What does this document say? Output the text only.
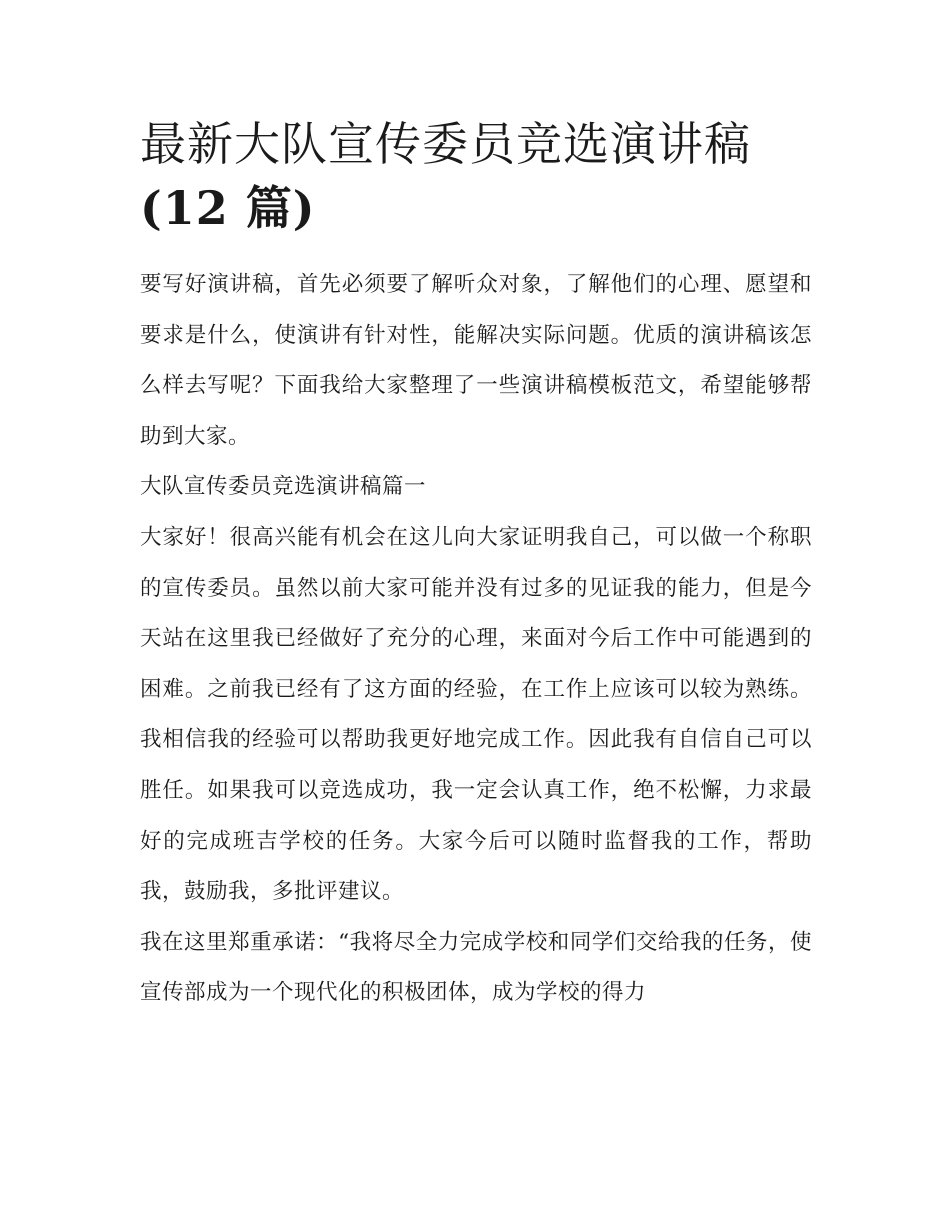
最新大队宣传委员竞选演讲稿
(12 篇)

要写好演讲稿，首先必须要了解听众对象，了解他们的心理、愿望和要求是什么，使演讲有针对性，能解决实际问题。优质的演讲稿该怎么样去写呢？下面我给大家整理了一些演讲稿模板范文，希望能够帮助到大家。

大队宣传委员竞选演讲稿篇一

大家好！很高兴能有机会在这儿向大家证明我自己，可以做一个称职的宣传委员。虽然以前大家可能并没有过多的见证我的能力，但是今天站在这里我已经做好了充分的心理，来面对今后工作中可能遇到的困难。之前我已经有了这方面的经验，在工作上应该可以较为熟练。我相信我的经验可以帮助我更好地完成工作。因此我有自信自己可以胜任。如果我可以竞选成功，我一定会认真工作，绝不松懈，力求最好的完成班吉学校的任务。大家今后可以随时监督我的工作，帮助我，鼓励我，多批评建议。

我在这里郑重承诺：“我将尽全力完成学校和同学们交给我的任务，使宣传部成为一个现代化的积极团体，成为学校的得力
